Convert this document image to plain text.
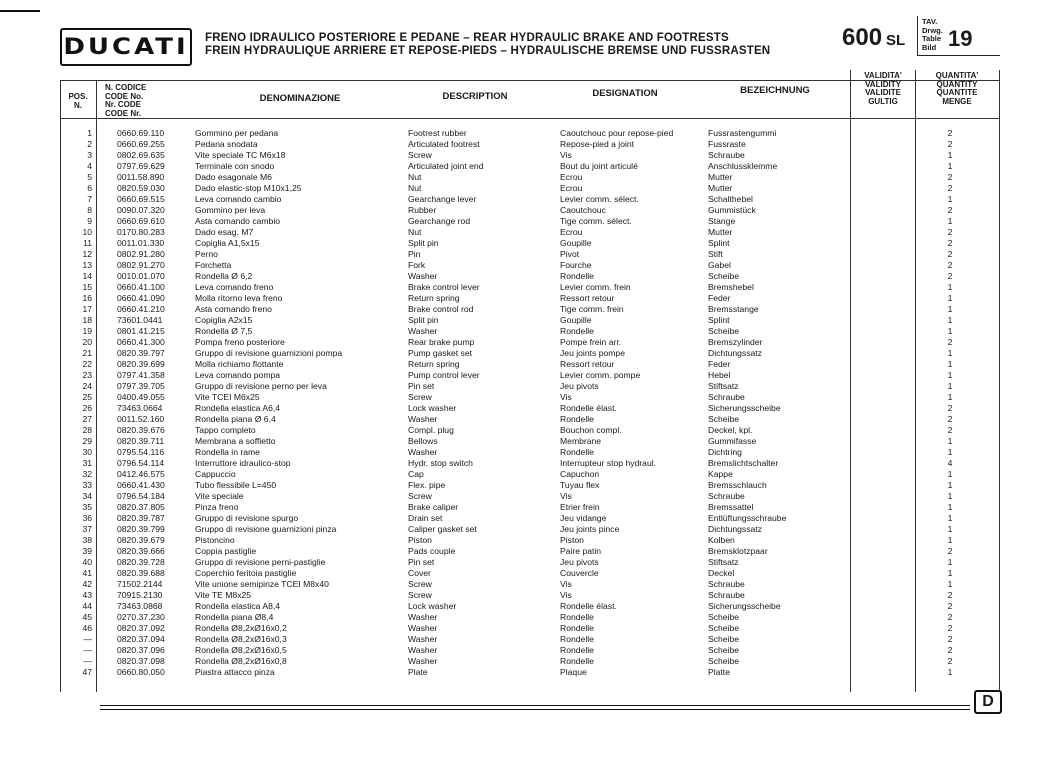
DUCATI FRENO IDRAULICO POSTERIORE E PEDANE – REAR HYDRAULIC BRAKE AND FOOTRESTS
FREIN HYDRAULIQUE ARRIERE ET REPOSE-PIEDS – HYDRAULISCHE BREMSE UND FUSSRASTEN	600 SL
TAV.
Drwg.
Table
Bild 19
POS.
N.
N. CODICE
CODE No.
Nr. CODE
CODE Nr.
DENOMINAZIONE	DESCRIPTION	DESIGNATION	BEZEICHNUNG
VALIDITA'
VALIDITY
VALIDITE
GULTIG
QUANTITA'
QUANTITY
QUANTITE
MENGE
1	0660.69.110	Gommino per pedana	Footrest rubber	Caoutchouc pour repose-pied	Fussrastengummi	2
2	0660.69.255	Pedana snodata	Articulated footrest	Repose-pied a joint	Fussraste	2
3	0802.69.635	Vite speciale TC M6x18	Screw	Vis	Schraube	1
4	0797.69.629	Terminale con snodo	Articulated joint end	Bout du joint articulé	Anschlussklemme	1
5	0011.58.890	Dado esagonale M6	Nut	Ecrou	Mutter	2
6	0820.59.030	Dado elastic-stop M10x1,25	Nut	Ecrou	Mutter	2
7	0660.69.515	Leva comando cambio	Gearchange lever	Levier comm. sélect.	Schalthebel	1
8	0090.07.320	Gommino per leva	Rubber	Caoutchouc	Gummistück	2
9	0660.69.610	Asta comando cambio	Gearchange rod	Tige comm. sélect.	Stange	1
10	0170.80.283	Dado esag. M7	Nut	Ecrou	Mutter	2
11	0011.01.330	Copiglia A1,5x15	Split pin	Goupille	Splint	2
12	0802.91.280	Perno	Pin	Pivot	Stift	2
13	0802.91.270	Forchetta	Fork	Fourche	Gabel	2
14	0010.01.070	Rondella Ø 6,2	Washer	Rondelle	Scheibe	2
15	0660.41.100	Leva comando freno	Brake control lever	Levier comm. frein	Bremshebel	1
16	0660.41.090	Molla ritorno leva freno	Return spring	Ressort retour	Feder	1
17	0660.41.210	Asta comando freno	Brake control rod	Tige comm. frein	Bremsstange	1
18	73601.0441	Copiglia A2x15	Split pin	Goupille	Splint	1
19	0801.41.215	Rondella Ø 7,5	Washer	Rondelle	Scheibe	1
20	0660.41.300	Pompa freno posteriore	Rear brake pump	Pompe frein arr.	Bremszylinder	2
21	0820.39.797	Gruppo di revisione guarnizioni pompa	Pump gasket set	Jeu joints pompe	Dichtungssatz	1
22	0820.39.699	Molla richiamo flottante	Return spring	Ressort retour	Feder	1
23	0797.41.358	Leva comando pompa	Pump control lever	Levier comm. pompe	Hebel	1
24	0797.39.705	Gruppo di revisione perno per leva	Pin set	Jeu pivots	Stiftsatz	1
25	0400.49.055	Vite TCEI M6x25	Screw	Vis	Schraube	1
26	73463.0664	Rondella elastica A6,4	Lock washer	Rondelle élast.	Sicherungsscheibe	2
27	0011.52.160	Rondella piana Ø 6,4	Washer	Rondelle	Scheibe	2
28	0820.39.676	Tappo completo	Compl. plug	Bouchon compl.	Deckel, kpl.	2
29	0820.39.711	Membrana a soffietto	Bellows	Membrane	Gummifasse	1
30	0795.54.116	Rondella in rame	Washer	Rondelle	Dichtring	1
31	0796.54.114	Interruttore idraulico-stop	Hydr. stop switch	Interrupteur stop hydraul.	Bremslichtschalter	4
32	0412.46.575	Cappuccio	Cap	Capuchon	Kappe	1
33	0660.41.430	Tubo flessibile L=450	Flex. pipe	Tuyau flex	Bremsschlauch	1
34	0796.54.184	Vite speciale	Screw	Vis	Schraube	1
35	0820.37.805	Pinza freno	Brake caliper	Etrier frein	Bremssattel	1
36	0820.39.787	Gruppo di revisione spurgo	Drain set	Jeu vidange	Entlüftungsschraube	1
37	0820.39.799	Gruppo di revisione guarnizioni pinza	Caliper gasket set	Jeu joints pince	Dichtungssatz	1
38	0820.39.679	Pistoncino	Piston	Piston	Kolben	1
39	0820.39.666	Coppia pastiglie	Pads couple	Paire patin	Bremsklotzpaar	2
40	0820.39.728	Gruppo di revisione perni-pastiglie	Pin set	Jeu pivots	Stiftsatz	1
41	0820.39.688	Coperchio feritoia pastiglie	Cover	Couvercle	Deckel	1
42	71502.2144	Vite unione semipinze TCEI M8x40	Screw	Vis	Schraube	1
43	70915.2130	Vite TE M8x25	Screw	Vis	Schraube	2
44	73463.0868	Rondella elastica A8,4	Lock washer	Rondelle élast.	Sicherungsscheibe	2
45	0270.37.230	Rondella piana Ø8,4	Washer	Rondelle	Scheibe	2
46	0820.37.092	Rondella Ø8,2xØ16x0,2	Washer	Rondelle	Scheibe	2
—	0820.37.094	Rondella Ø8,2xØ16x0,3	Washer	Rondelle	Scheibe	2
—	0820.37.096	Rondella Ø8,2xØ16x0,5	Washer	Rondelle	Scheibe	2
—	0820.37.098	Rondella Ø8,2xØ16x0,8	Washer	Rondelle	Scheibe	2
47	0660.80.050	Piastra attacco pinza	Plate	Plaque	Platte	1
D
